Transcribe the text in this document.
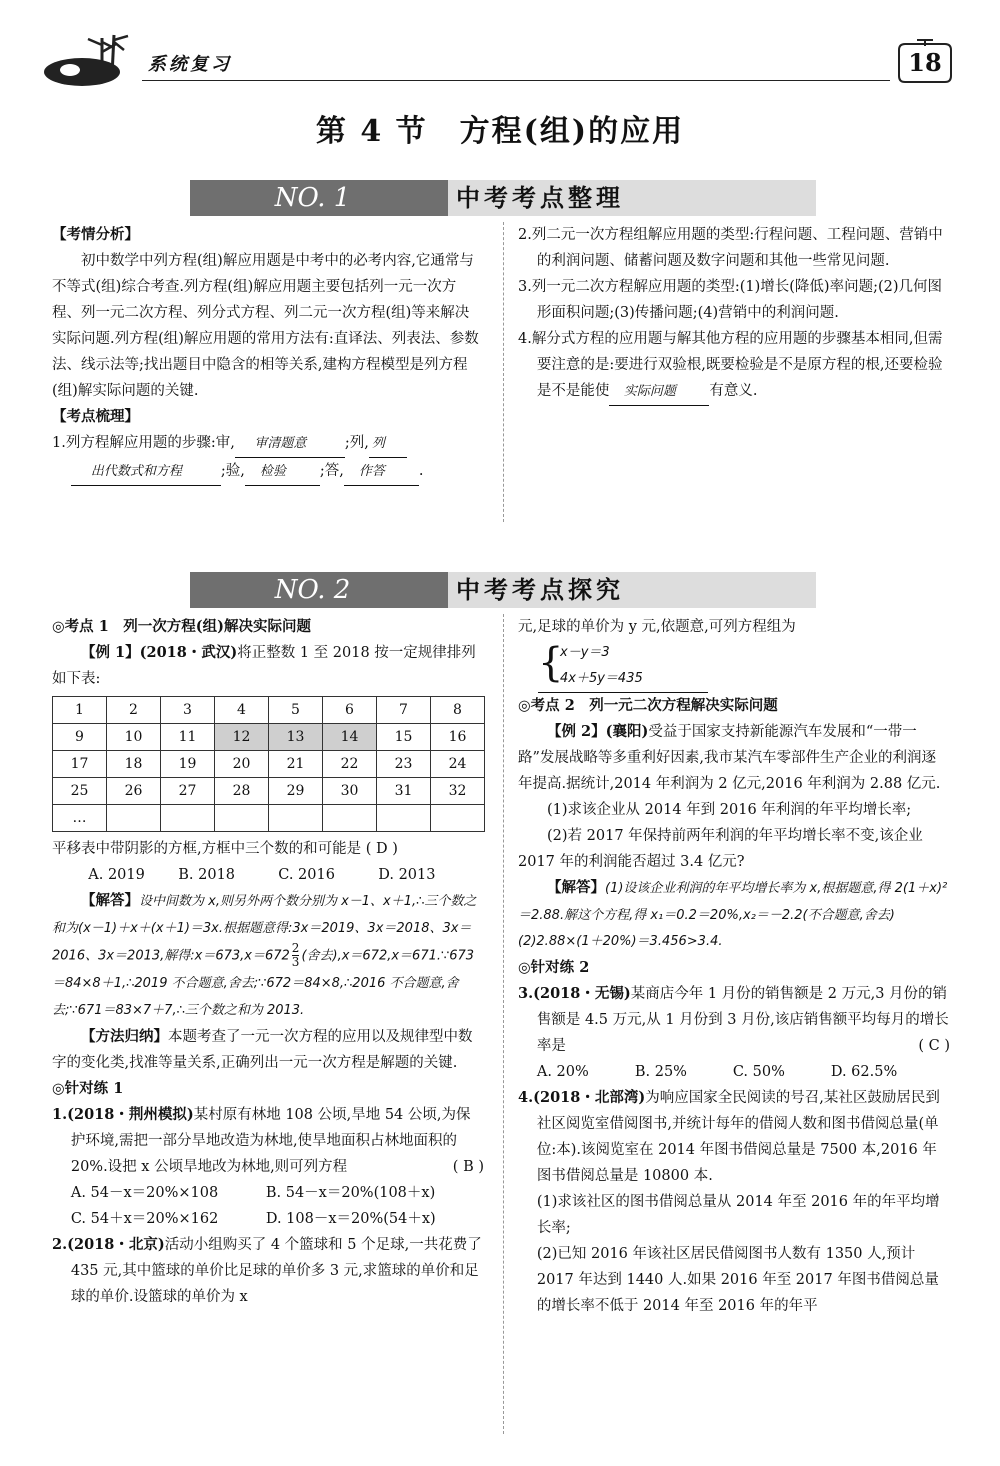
系统复习	18
第 4 节　方程(组)的应用
NO. 1	中考考点整理

【考情分析】

初中数学中列方程(组)解应用题是中考中的必考内容,它通常与不等式(组)综合考查.列方程(组)解应用题主要包括列一元一次方程、列一元二次方程、列分式方程、列二元一次方程(组)等来解决实际问题.列方程(组)解应用题的常用方法有:直译法、列表法、参数法、线示法等;找出题目中隐含的相等关系,建构方程模型是列方程(组)解实际问题的关键.

【考点梳理】

1.列方程解应用题的步骤:审, 审清题意	;列, 列
出代数式和方程	;验, 检验 ;答, 作答 .

2.列二元一次方程组解应用题的类型:行程问题、工程问题、营销中的利润问题、储蓄问题及数字问题和其他一些常见问题.

3.列一元二次方程解应用题的类型:(1)增长(降低)率问题;(2)几何图形面积问题;(3)传播问题;(4)营销中的利润问题.

4.解分式方程的应用题与解其他方程的应用题的步骤基本相同,但需要注意的是:要进行双验根,既要检验是不是原方程的根,还要检验是不是能使 实际问题 有意义.

NO. 2	中考考点探究

◎考点 1　列一次方程(组)解决实际问题

【例 1】(2018・武汉)将正整数 1 至 2018 按一定规律排列如下表:

1	2	3	4	5	6	7	8
9	10	11	12	13	14	15	16
17	18	19	20	21	22	23	24
25	26	27	28	29	30	31	32
…							

平移表中带阴影的方框,方框中三个数的和可能是 ( D )

A. 2019 B. 2018	C. 2016	D. 2013

【解答】设中间数为 x,则另外两个数分别为 x－1、x＋1,∴三个数之和为(x－1)＋x＋(x＋1)＝3x.根据题意得:3x＝2019、3x＝2018、3x＝2016、3x＝2013,解得:x＝673,x＝672 $\frac{2}{3}$ (舍去),x＝672,x＝671.∵673＝84×8＋1,∴2019 不合题意,舍去;∵672＝84×8,∴2016 不合题意,舍去;∵671＝83×7＋7,∴三个数之和为 2013.

【方法归纳】本题考查了一元一次方程的应用以及规律型中数字的变化类,找准等量关系,正确列出一元一次方程是解题的关键.

◎针对练 1

1.(2018・荆州模拟)某村原有林地 108 公顷,旱地 54 公顷,为保护环境,需把一部分旱地改造为林地,使旱地面积占林地面积的 20%.设把 x 公顷旱地改为林地,则可列方程	( B )

A. 54－x＝20%×108	B. 54－x＝20%(108＋x)
C. 54＋x＝20%×162	D. 108－x＝20%(54＋x)

2.(2018・北京)活动小组购买了 4 个篮球和 5 个足球,一共花费了 435 元,其中篮球的单价比足球的单价多 3 元,求篮球的单价和足球的单价.设篮球的单价为 x

元,足球的单价为 y 元,依题意,可列方程组为

{
x－y＝3
4x＋5y＝435

◎考点 2　列一元二次方程解决实际问题

【例 2】(襄阳)受益于国家支持新能源汽车发展和“一带一路”发展战略等多重利好因素,我市某汽车零部件生产企业的利润逐年提高.据统计,2014 年利润为 2 亿元,2016 年利润为 2.88 亿元.

(1)求该企业从 2014 年到 2016 年利润的年平均增长率;

(2)若 2017 年保持前两年利润的年平均增长率不变,该企业 2017 年的利润能否超过 3.4 亿元?

【解答】(1)设该企业利润的年平均增长率为 x,根据题意,得 2(1＋x)²＝2.88.解这个方程,得 x₁＝0.2＝20%,x₂＝－2.2(不合题意,舍去)

(2)2.88×(1＋20%)＝3.456>3.4.

◎针对练 2

3.(2018・无锡)某商店今年 1 月份的销售额是 2 万元,3 月份的销售额是 4.5 万元,从 1 月份到 3 月份,该店销售额平均每月的增长率是	( C )

A. 20%	B. 25%	C. 50%	D. 62.5%

4.(2018・北部湾)为响应国家全民阅读的号召,某社区鼓励居民到社区阅览室借阅图书,并统计每年的借阅人数和图书借阅总量(单位:本).该阅览室在 2014 年图书借阅总量是 7500 本,2016 年图书借阅总量是 10800 本.

(1)求该社区的图书借阅总量从 2014 年至 2016 年的年平均增长率;

(2)已知 2016 年该社区居民借阅图书人数有 1350 人,预计 2017 年达到 1440 人.如果 2016 年至 2017 年图书借阅总量的增长率不低于 2014 年至 2016 年的年平
